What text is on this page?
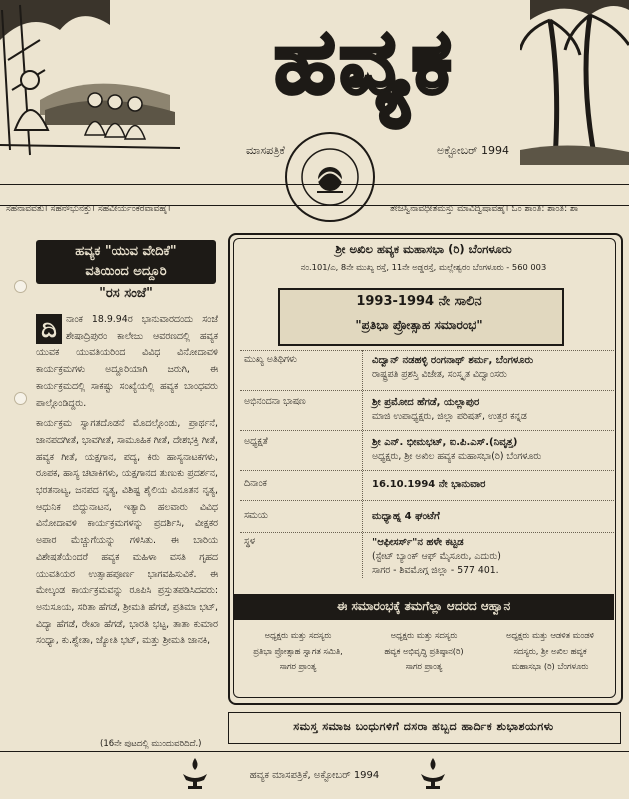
ಹವ್ಯಕ
ಮಾಸಪತ್ರಿಕೆ	ಅಕ್ಟೋಬರ್ 1994
ಹವ್ಯಕ "ಯುವ ವೇದಿಕೆ"
ವತಿಯಿಂದ ಅದ್ದೂರಿ
"ರಸ ಸಂಜೆ"

ದಿ ನಾಂಕ 18.9.94ರ ಭಾನುವಾರದಂದು ಸಂಜೆ ಶೇಷಾದ್ರಿಪುರಂ ಕಾಲೇಜು ಆವರಣದಲ್ಲಿ ಹವ್ಯಕ ಯುವಕ ಯುವತಿಯರಿಂದ ವಿವಿಧ ವಿನೋದಾವಳಿ ಕಾರ್ಯಕ್ರಮಗಳು ಅದ್ದೂರಿಯಾಗಿ ಜರುಗಿ, ಈ ಕಾರ್ಯಕ್ರಮದಲ್ಲಿ ಸಾಕಷ್ಟು ಸಂಖ್ಯೆಯಲ್ಲಿ ಹವ್ಯಕ ಬಾಂಧವರು ಪಾಲ್ಗೊಂಡಿದ್ದರು.

ಕಾರ್ಯಕ್ರಮ ಸ್ವಾಗತದೊಡನೆ ಮೊದಲ್ಗೊಂಡು, ಪ್ರಾರ್ಥನೆ, ಜಾನಪದಗೀತೆ, ಭಾವಗೀತೆ, ಸಾಮೂಹಿಕ ಗೀತೆ, ದೇಶಭಕ್ತಿ ಗೀತೆ, ಹವ್ಯಕ ಗೀತೆ, ಯಕ್ಷಗಾನ, ಪದ್ಯ, ಕಿರು ಹಾಸ್ಯನಾಟಕಗಳು, ರೂಪಕ, ಹಾಸ್ಯ ಚಟಾಕಿಗಳು, ಯಕ್ಷಗಾನದ ತುಣುಕು ಪ್ರದರ್ಶನ, ಭರತನಾಟ್ಯ, ಜನಪದ ನೃತ್ಯ, ವಿಶಿಷ್ಟ ಶೈಲಿಯ ವಿನೂತನ ನೃತ್ಯ, ಆಧುನಿಕ ಬಿದ್ದುನಾಟನ, ಇತ್ಯಾದಿ ಹಲವಾರು ವಿವಿಧ ವಿನೋದಾವಳಿ ಕಾರ್ಯಕ್ರಮಗಳನ್ನು ಪ್ರದರ್ಶಿಸಿ, ವೀಕ್ಷಕರ ಅಪಾರ ಮೆಚ್ಚುಗೆಯನ್ನು ಗಳಿಸಿತು. ಈ ಬಾರಿಯ ವಿಶೇಷತೆಯೆಂದರೆ ಹವ್ಯಕ ಮಹಿಳಾ ವಸತಿ ಗೃಹದ ಯುವತಿಯರ ಉತ್ಸಾಹಪೂರ್ಣ ಭಾಗವಹಿಸುವಿಕೆ. ಈ ಮೇಲ್ಕಂಡ ಕಾರ್ಯಕ್ರಮವನ್ನು ರೂಪಿಸಿ ಪ್ರಸ್ತುತಪಡಿಸಿದವರು: ಅನುಸೂಯ, ಸರಿತಾ ಹೆಗಡೆ, ಶ್ರೀಮತಿ ಹೆಗಡೆ, ಪ್ರತಿಮಾ ಭಟ್, ವಿದ್ಯಾ ಹೆಗಡೆ, ರೇಖಾ ಹೆಗಡೆ, ಭಾರತಿ ಭಟ್ಟ, ತಾತಾ ಕುಮಾರ ಸಂಧ್ಯಾ, ಕು.ಶ್ವೇತಾ, ಜ್ಯೋತಿ ಭಟ್, ಮತ್ತು ಶ್ರೀಮತಿ ಜಾನಕಿ,

(16ನೇ ಪುಟದಲ್ಲಿ ಮುಂದುವರಿದಿದೆ.)
ಶ್ರೀ ಅಖಿಲ ಹವ್ಯಕ ಮಹಾಸಭಾ (ರಿ) ಬೆಂಗಳೂರು
ನಂ.101/ಎ, 8ನೇ ಮುಖ್ಯ ರಸ್ತೆ, 11ನೇ ಅಡ್ಡರಸ್ತೆ, ಮಲ್ಲೇಶ್ವರಂ ಬೆಂಗಳೂರು - 560 003
1993-1994 ನೇ ಸಾಲಿನ
"ಪ್ರತಿಭಾ ಪ್ರೋತ್ಸಾಹ ಸಮಾರಂಭ"
ಮುಖ್ಯ ಅತಿಥಿಗಳು	ವಿದ್ವಾನ್ ನಡಹಳ್ಳಿ ರಂಗನಾಥ್ ಶರ್ಮ, ಬೆಂಗಳೂರು
ರಾಷ್ಟ್ರಪತಿ ಪ್ರಶಸ್ತಿ ವಿಜೇತ, ಸಂಸ್ಕೃತ ವಿದ್ವಾಂಸರು
ಅಭಿನಂದನಾ ಭಾಷಣ	ಶ್ರೀ ಪ್ರಮೋದ ಹೆಗಡೆ, ಯಲ್ಲಾಪುರ
ಮಾಜಿ ಉಪಾಧ್ಯಕ್ಷರು, ಜಿಲ್ಲಾ ಪರಿಷತ್, ಉತ್ತರ ಕನ್ನಡ
ಅಧ್ಯಕ್ಷತೆ	ಶ್ರೀ ಎನ್. ಭೀಮಭಟ್, ಐ.ಪಿ.ಎಸ್.(ನಿವೃತ್ತ)
ಅಧ್ಯಕ್ಷರು, ಶ್ರೀ ಅಖಿಲ ಹವ್ಯಕ ಮಹಾಸಭಾ(ರಿ) ಬೆಂಗಳೂರು
ದಿನಾಂಕ	16.10.1994 ನೇ ಭಾನುವಾರ
ಸಮಯ	ಮಧ್ಯಾಹ್ನ 4 ಘಂಟೆಗೆ
ಸ್ಥಳ	"ಆಫೀಸರ್ಸ್"ನ ಹಳೇ ಕಟ್ಟಡ
(ಸ್ಟೇಟ್ ಬ್ಯಾಂಕ್ ಆಫ್ ಮೈಸೂರು, ಎದುರು)
ಸಾಗರ - ಶಿವಮೊಗ್ಗ ಜಿಲ್ಲಾ - 577 401.
ಈ ಸಮಾರಂಭಕ್ಕೆ ತಮಗೆಲ್ಲಾ ಆದರದ ಆಹ್ವಾನ
ಅಧ್ಯಕ್ಷರು ಮತ್ತು ಸದಸ್ಯರು
ಪ್ರತಿಭಾ ಪ್ರೋತ್ಸಾಹ ಸ್ವಾಗತ ಸಮಿತಿ,
ಸಾಗರ ಪ್ರಾಂತ್ಯ
ಅಧ್ಯಕ್ಷರು ಮತ್ತು ಸದಸ್ಯರು
ಹವ್ಯಕ ಅಭಿವೃದ್ಧಿ ಪ್ರತಿಷ್ಠಾನ(ರಿ)
ಸಾಗರ ಪ್ರಾಂತ್ಯ
ಅಧ್ಯಕ್ಷರು ಮತ್ತು ಆಡಳಿತ ಮಂಡಳಿ
ಸದಸ್ಯರು, ಶ್ರೀ ಅಖಿಲ ಹವ್ಯಕ
ಮಹಾಸಭಾ (ರಿ) ಬೆಂಗಳೂರು
ಸಮಸ್ತ ಸಮಾಜ ಬಂಧುಗಳಿಗೆ ದಸರಾ ಹಬ್ಬದ ಹಾರ್ದಿಕ ಶುಭಾಶಯಗಳು
ಹವ್ಯಕ ಮಾಸಪತ್ರಿಕೆ, ಅಕ್ಟೋಬರ್ 1994
ಸಹನಾವವತು। ಸಹನೌಭುನಕ್ತು। ಸಹವೀರ್ಯಂಕರವಾವಹೈ।	ತೇಜಸ್ವಿನಾವಧೀತಮಸ್ತು ಮಾವಿದ್ವಿಷಾವಹೈ। ಓಂ ಶಾಂತಿ: ಶಾಂತಿ: ಶಾ
